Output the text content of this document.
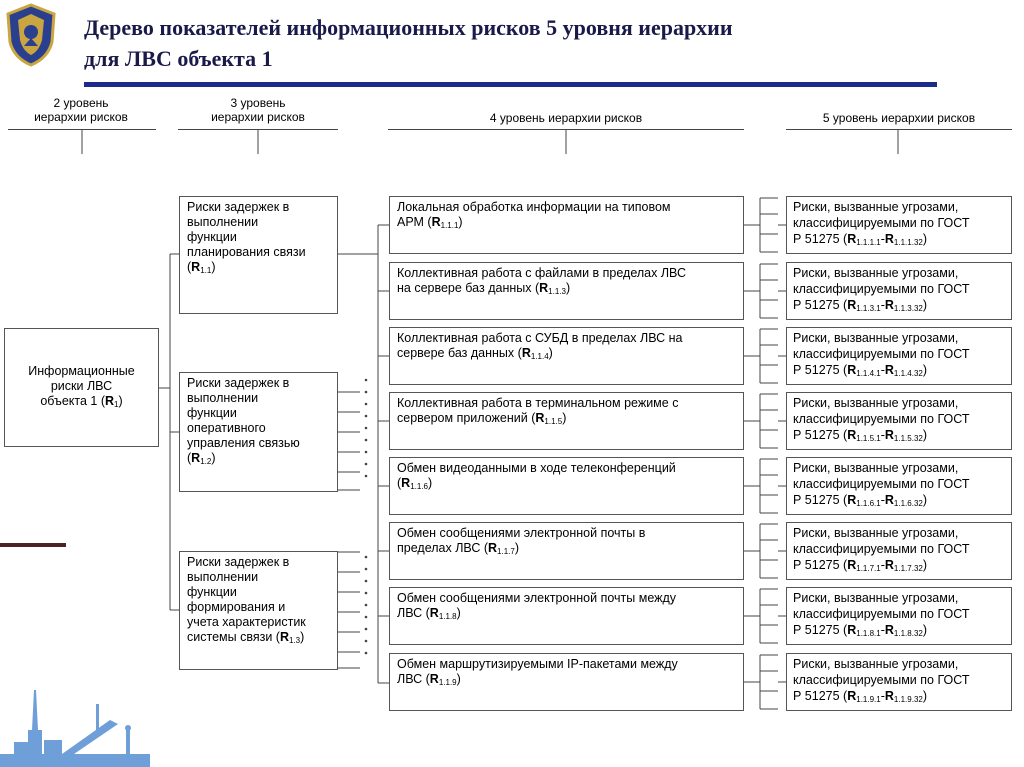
Дерево показателей информационных рисков 5 уровня иерархии
для ЛВС объекта 1
2 уровень
иерархии рисков
3 уровень
иерархии рисков	4 уровень иерархии рисков	5 уровень иерархии рисков
Информационные
риски ЛВС
объекта 1 $(R_1)$
Риски задержек в
выполнении
функции
планирования связи
$(R_{1.1})$
Риски задержек в
выполнении
функции
оперативного
управления связью
$(R_{1.2})$
Риски задержек в
выполнении
функции
формирования и
учета характеристик
системы связи $(R_{1.3})$
Локальная обработка информации на типовом
АРМ $(R_{1.1.1})$
Коллективная работа с файлами в пределах ЛВС
на сервере баз данных $(R_{1.1.3})$
Коллективная работа с СУБД в пределах ЛВС на
сервере баз данных $(R_{1.1.4})$
Коллективная работа в терминальном режиме с
сервером приложений $(R_{1.1.5})$
Обмен видеоданными в ходе телеконференций
$(R_{1.1.6})$
Обмен сообщениями электронной почты в
пределах ЛВС $(R_{1.1.7})$
Обмен сообщениями электронной почты между
ЛВС $(R_{1.1.8})$
Обмен маршрутизируемыми IP-пакетами между
ЛВС $(R_{1.1.9})$
Риски, вызванные угрозами,
классифицируемыми по ГОСТ
Р 51275 $(R_{1.1.1.1}-R_{1.1.1.32})$
Риски, вызванные угрозами,
классифицируемыми по ГОСТ
Р 51275 $(R_{1.1.3.1}-R_{1.1.3.32})$
Риски, вызванные угрозами,
классифицируемыми по ГОСТ
Р 51275 $(R_{1.1.4.1}-R_{1.1.4.32})$
Риски, вызванные угрозами,
классифицируемыми по ГОСТ
Р 51275 $(R_{1.1.5.1}-R_{1.1.5.32})$
Риски, вызванные угрозами,
классифицируемыми по ГОСТ
Р 51275 $(R_{1.1.6.1}-R_{1.1.6.32})$
Риски, вызванные угрозами,
классифицируемыми по ГОСТ
Р 51275 $(R_{1.1.7.1}-R_{1.1.7.32})$
Риски, вызванные угрозами,
классифицируемыми по ГОСТ
Р 51275 $(R_{1.1.8.1}-R_{1.1.8.32})$
Риски, вызванные угрозами,
классифицируемыми по ГОСТ
Р 51275 $(R_{1.1.9.1}-R_{1.1.9.32})$
